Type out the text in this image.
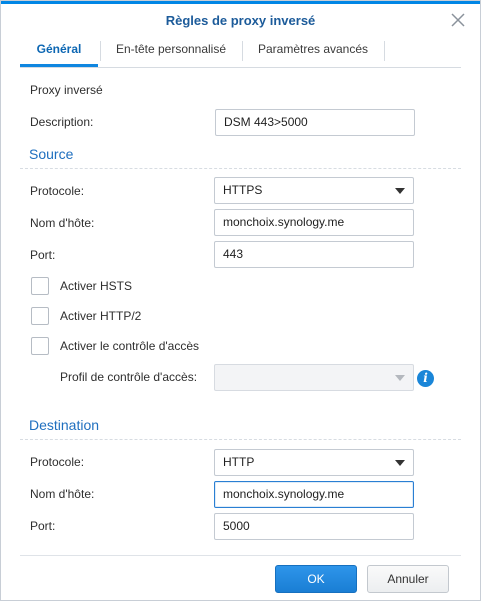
Règles de proxy inversé
Général	En-tête personnalisé	Paramètres avancés
Proxy inversé
Description:	DSM 443>5000
Source
Protocole:	HTTPS
Nom d'hôte:	monchoix.synology.me
Port:	443
Activer HSTS
Activer HTTP/2
Activer le contrôle d'accès
Profil de contrôle d'accès:	i
Destination
Protocole:	HTTP
Nom d'hôte:	monchoix.synology.me
Port:	5000
OK	Annuler
